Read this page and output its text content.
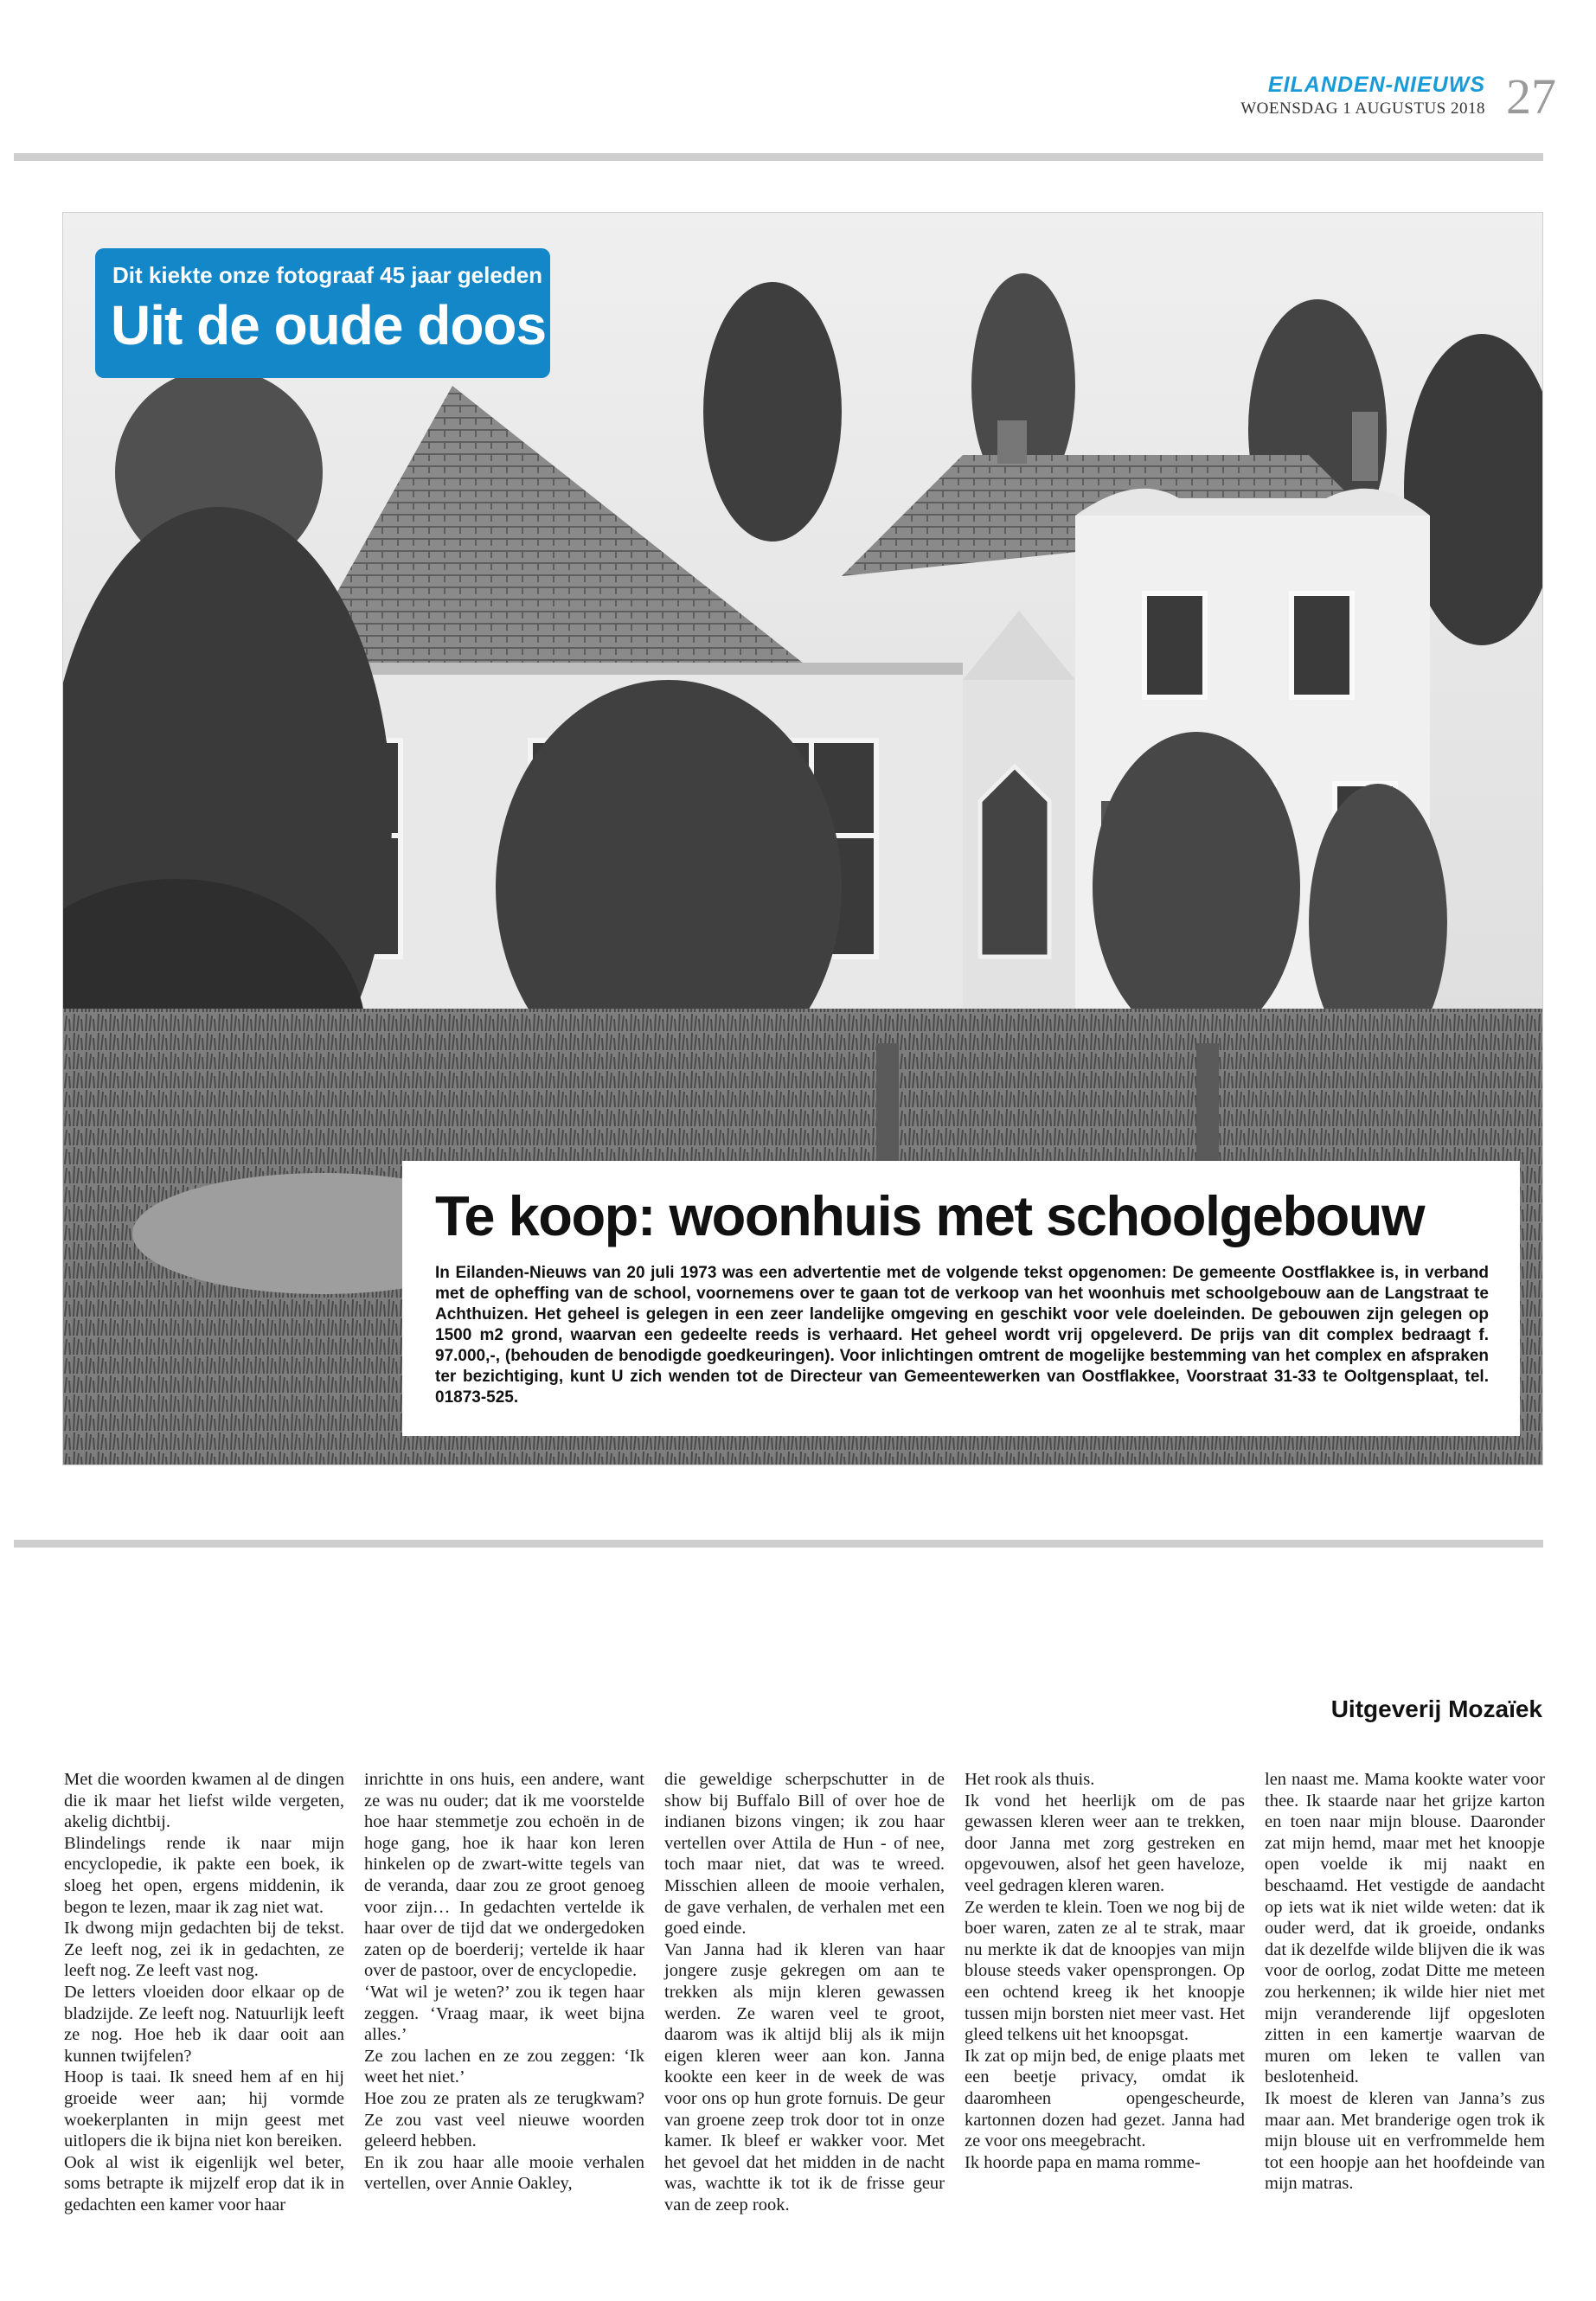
EILANDEN-NIEUWS
WOENSDAG 1 AUGUSTUS 2018 27
Dit kiekte onze fotograaf 45 jaar geleden
Uit de oude doos
Te koop: woonhuis met schoolgebouw
In Eilanden-Nieuws van 20 juli 1973 was een advertentie met de volgende tekst opgenomen: De gemeente Oostflakkee is, in verband met de opheffing van de school, voornemens over te gaan tot de verkoop van het woonhuis met schoolgebouw aan de Langstraat te Achthuizen. Het geheel is gelegen in een zeer landelijke omgeving en geschikt voor vele doeleinden. De gebouwen zijn gelegen op 1500 m2 grond, waarvan een gedeelte reeds is verhaard. Het geheel wordt vrij opgeleverd. De prijs van dit complex bedraagt f. 97.000,-, (behouden de benodigde goedkeuringen). Voor inlichtingen omtrent de mogelijke bestemming van het complex en afspraken ter bezichtiging, kunt U zich wenden tot de Directeur van Gemeentewerken van Oostflakkee, Voorstraat 31-33 te Ooltgensplaat, tel. 01873-525.
Uitgeverij Mozaïek

Met die woorden kwamen al de dingen die ik maar het liefst wilde vergeten, akelig dichtbij.

Blindelings rende ik naar mijn encyclopedie, ik pakte een boek, ik sloeg het open, ergens middenin, ik begon te lezen, maar ik zag niet wat.

Ik dwong mijn gedachten bij de tekst. Ze leeft nog, zei ik in gedachten, ze leeft nog. Ze leeft vast nog.

De letters vloeiden door elkaar op de bladzijde. Ze leeft nog. Natuurlijk leeft ze nog. Hoe heb ik daar ooit aan kunnen twijfelen?

Hoop is taai. Ik sneed hem af en hij groeide weer aan; hij vormde woekerplanten in mijn geest met uitlopers die ik bijna niet kon bereiken.

Ook al wist ik eigenlijk wel beter, soms betrapte ik mijzelf erop dat ik in gedachten een kamer voor haar

inrichtte in ons huis, een andere, want ze was nu ouder; dat ik me voorstelde hoe haar stemmetje zou echoën in de hoge gang, hoe ik haar kon leren hinkelen op de zwart-witte tegels van de veranda, daar zou ze groot genoeg voor zijn… In gedachten vertelde ik haar over de tijd dat we ondergedoken zaten op de boerderij; vertelde ik haar over de pastoor, over de encyclopedie.

‘Wat wil je weten?’ zou ik tegen haar zeggen. ‘Vraag maar, ik weet bijna alles.’

Ze zou lachen en ze zou zeggen: ‘Ik weet het niet.’

Hoe zou ze praten als ze terugkwam? Ze zou vast veel nieuwe woorden geleerd hebben.

En ik zou haar alle mooie verhalen vertellen, over Annie Oakley,

die geweldige scherpschutter in de show bij Buffalo Bill of over hoe de indianen bizons vingen; ik zou haar vertellen over Attila de Hun - of nee, toch maar niet, dat was te wreed. Misschien alleen de mooie verhalen, de gave verhalen, de verhalen met een goed einde.

Van Janna had ik kleren van haar jongere zusje gekregen om aan te trekken als mijn kleren gewassen werden. Ze waren veel te groot, daarom was ik altijd blij als ik mijn eigen kleren weer aan kon. Janna kookte een keer in de week de was voor ons op hun grote fornuis. De geur van groene zeep trok door tot in onze kamer. Ik bleef er wakker voor. Met het gevoel dat het midden in de nacht was, wachtte ik tot ik de frisse geur van de zeep rook.

Het rook als thuis.

Ik vond het heerlijk om de pas gewassen kleren weer aan te trekken, door Janna met zorg gestreken en opgevouwen, alsof het geen haveloze, veel gedragen kleren waren.

Ze werden te klein. Toen we nog bij de boer waren, zaten ze al te strak, maar nu merkte ik dat de knoopjes van mijn blouse steeds vaker opensprongen. Op een ochtend kreeg ik het knoopje tussen mijn borsten niet meer vast. Het gleed telkens uit het knoopsgat.

Ik zat op mijn bed, de enige plaats met een beetje privacy, omdat ik daaromheen opengescheurde, kartonnen dozen had gezet. Janna had ze voor ons meegebracht.

Ik hoorde papa en mama romme-

len naast me. Mama kookte water voor thee. Ik staarde naar het grijze karton en toen naar mijn blouse. Daaronder zat mijn hemd, maar met het knoopje open voelde ik mij naakt en beschaamd. Het vestigde de aandacht op iets wat ik niet wilde weten: dat ik ouder werd, dat ik groeide, ondanks dat ik dezelfde wilde blijven die ik was voor de oorlog, zodat Ditte me meteen zou herkennen; ik wilde hier niet met mijn veranderende lijf opgesloten zitten in een kamertje waarvan de muren om leken te vallen van beslotenheid.

Ik moest de kleren van Janna’s zus maar aan. Met branderige ogen trok ik mijn blouse uit en verfrommelde hem tot een hoopje aan het hoofdeinde van mijn matras.
